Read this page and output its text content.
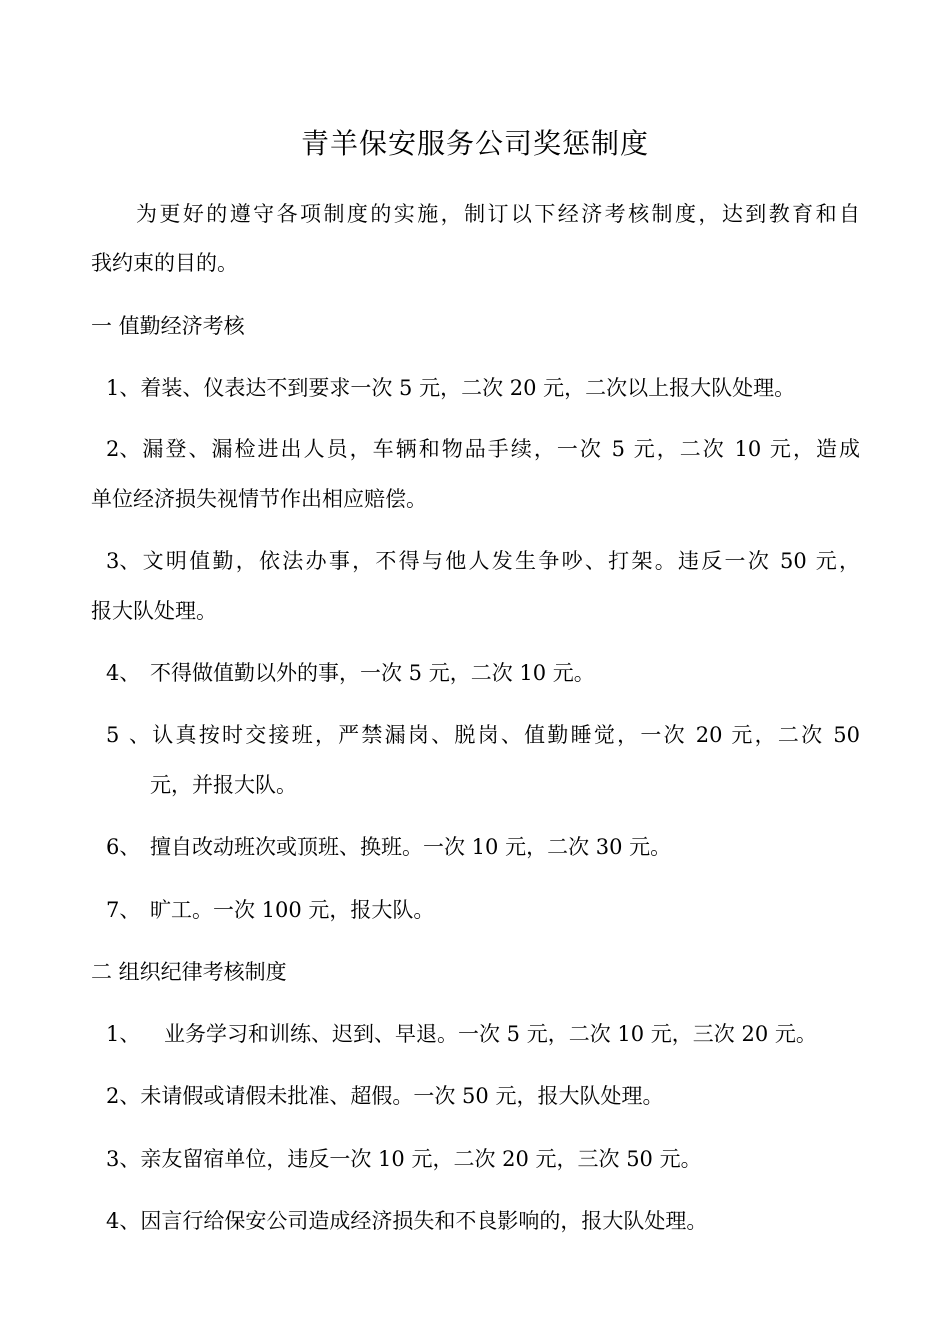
青羊保安服务公司奖惩制度
为更好的遵守各项制度的实施，制订以下经济考核制度，达到教育和自
我约束的目的。
一 值勤经济考核
1、着装、仪表达不到要求一次 5 元，二次 20 元，二次以上报大队处理。
2、漏登、漏检进出人员，车辆和物品手续，一次 5 元，二次 10 元，造成
单位经济损失视情节作出相应赔偿。
3、文明值勤，依法办事，不得与他人发生争吵、打架。违反一次 50 元，
报大队处理。
4、 不得做值勤以外的事，一次 5 元，二次 10 元。
5、认真按时交接班，严禁漏岗、脱岗、值勤睡觉，一次 20 元，二次 50
元，并报大队。
6、 擅自改动班次或顶班、换班。一次 10 元，二次 30 元。
7、 旷工。一次 100 元，报大队。
二 组织纪律考核制度
1、 业务学习和训练、迟到、早退。一次 5 元，二次 10 元，三次 20 元。
2、未请假或请假未批准、超假。一次 50 元，报大队处理。
3、亲友留宿单位，违反一次 10 元，二次 20 元，三次 50 元。
4、因言行给保安公司造成经济损失和不良影响的，报大队处理。
